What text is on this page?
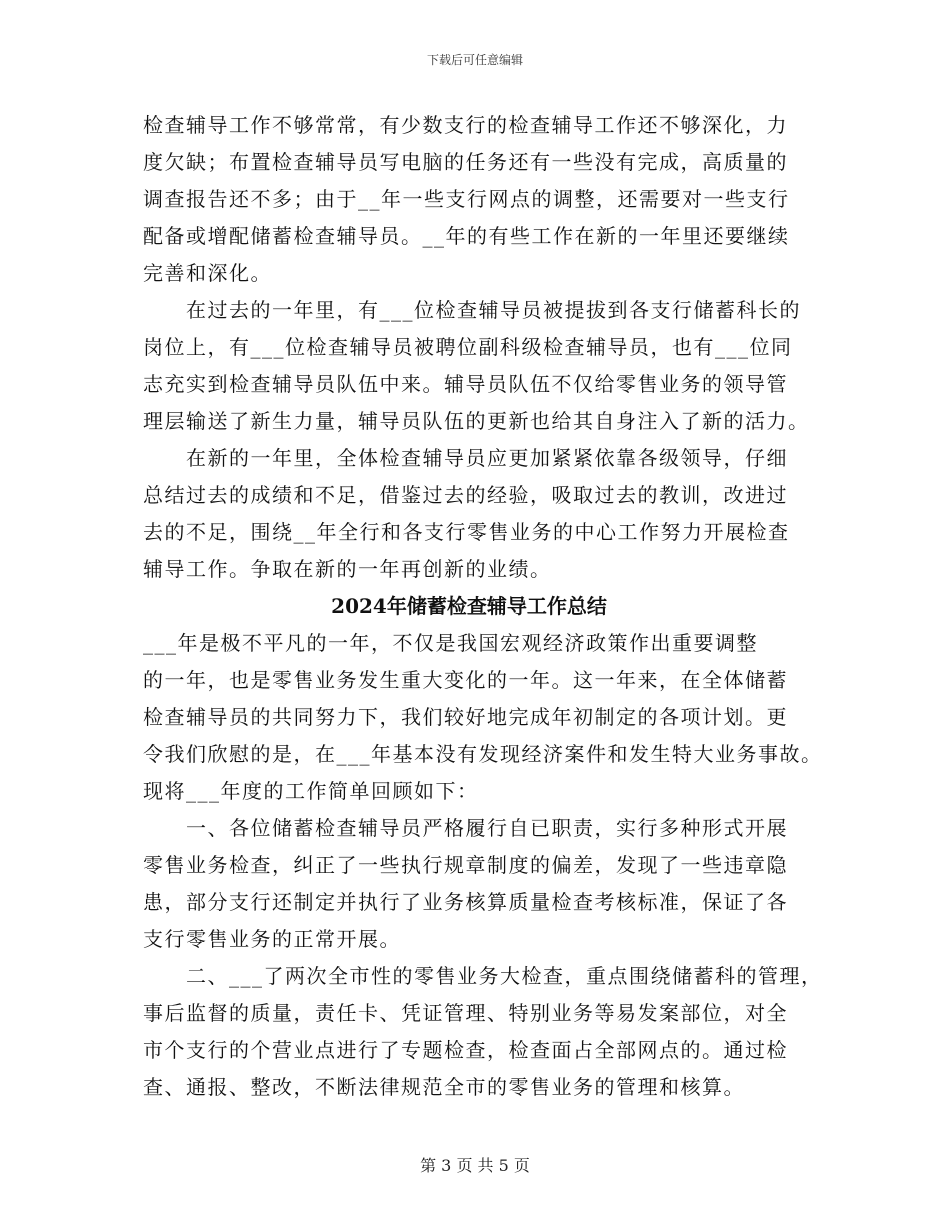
下载后可任意编辑
检查辅导工作不够常常，有少数支行的检查辅导工作还不够深化，力
度欠缺；布置检查辅导员写电脑的任务还有一些没有完成，高质量的
调查报告还不多；由于__年一些支行网点的调整，还需要对一些支行
配备或增配储蓄检查辅导员。__年的有些工作在新的一年里还要继续
完善和深化。
　　在过去的一年里，有___位检查辅导员被提拔到各支行储蓄科长的
岗位上，有___位检查辅导员被聘位副科级检查辅导员，也有___位同
志充实到检查辅导员队伍中来。辅导员队伍不仅给零售业务的领导管
理层输送了新生力量，辅导员队伍的更新也给其自身注入了新的活力。
　　在新的一年里，全体检查辅导员应更加紧紧依靠各级领导，仔细
总结过去的成绩和不足，借鉴过去的经验，吸取过去的教训，改进过
去的不足，围绕__年全行和各支行零售业务的中心工作努力开展检查
辅导工作。争取在新的一年再创新的业绩。
2024年储蓄检查辅导工作总结
___年是极不平凡的一年，不仅是我国宏观经济政策作出重要调整
的一年，也是零售业务发生重大变化的一年。这一年来，在全体储蓄
检查辅导员的共同努力下，我们较好地完成年初制定的各项计划。更
令我们欣慰的是，在___年基本没有发现经济案件和发生特大业务事故。
现将___年度的工作简单回顾如下：
　　一、各位储蓄检查辅导员严格履行自已职责，实行多种形式开展
零售业务检查，纠正了一些执行规章制度的偏差，发现了一些违章隐
患，部分支行还制定并执行了业务核算质量检查考核标准，保证了各
支行零售业务的正常开展。
　　二、___了两次全市性的零售业务大检查，重点围绕储蓄科的管理，
事后监督的质量，责任卡、凭证管理、特别业务等易发案部位，对全
市个支行的个营业点进行了专题检查，检查面占全部网点的。通过检
查、通报、整改，不断法律规范全市的零售业务的管理和核算。
第 3 页 共 5 页
